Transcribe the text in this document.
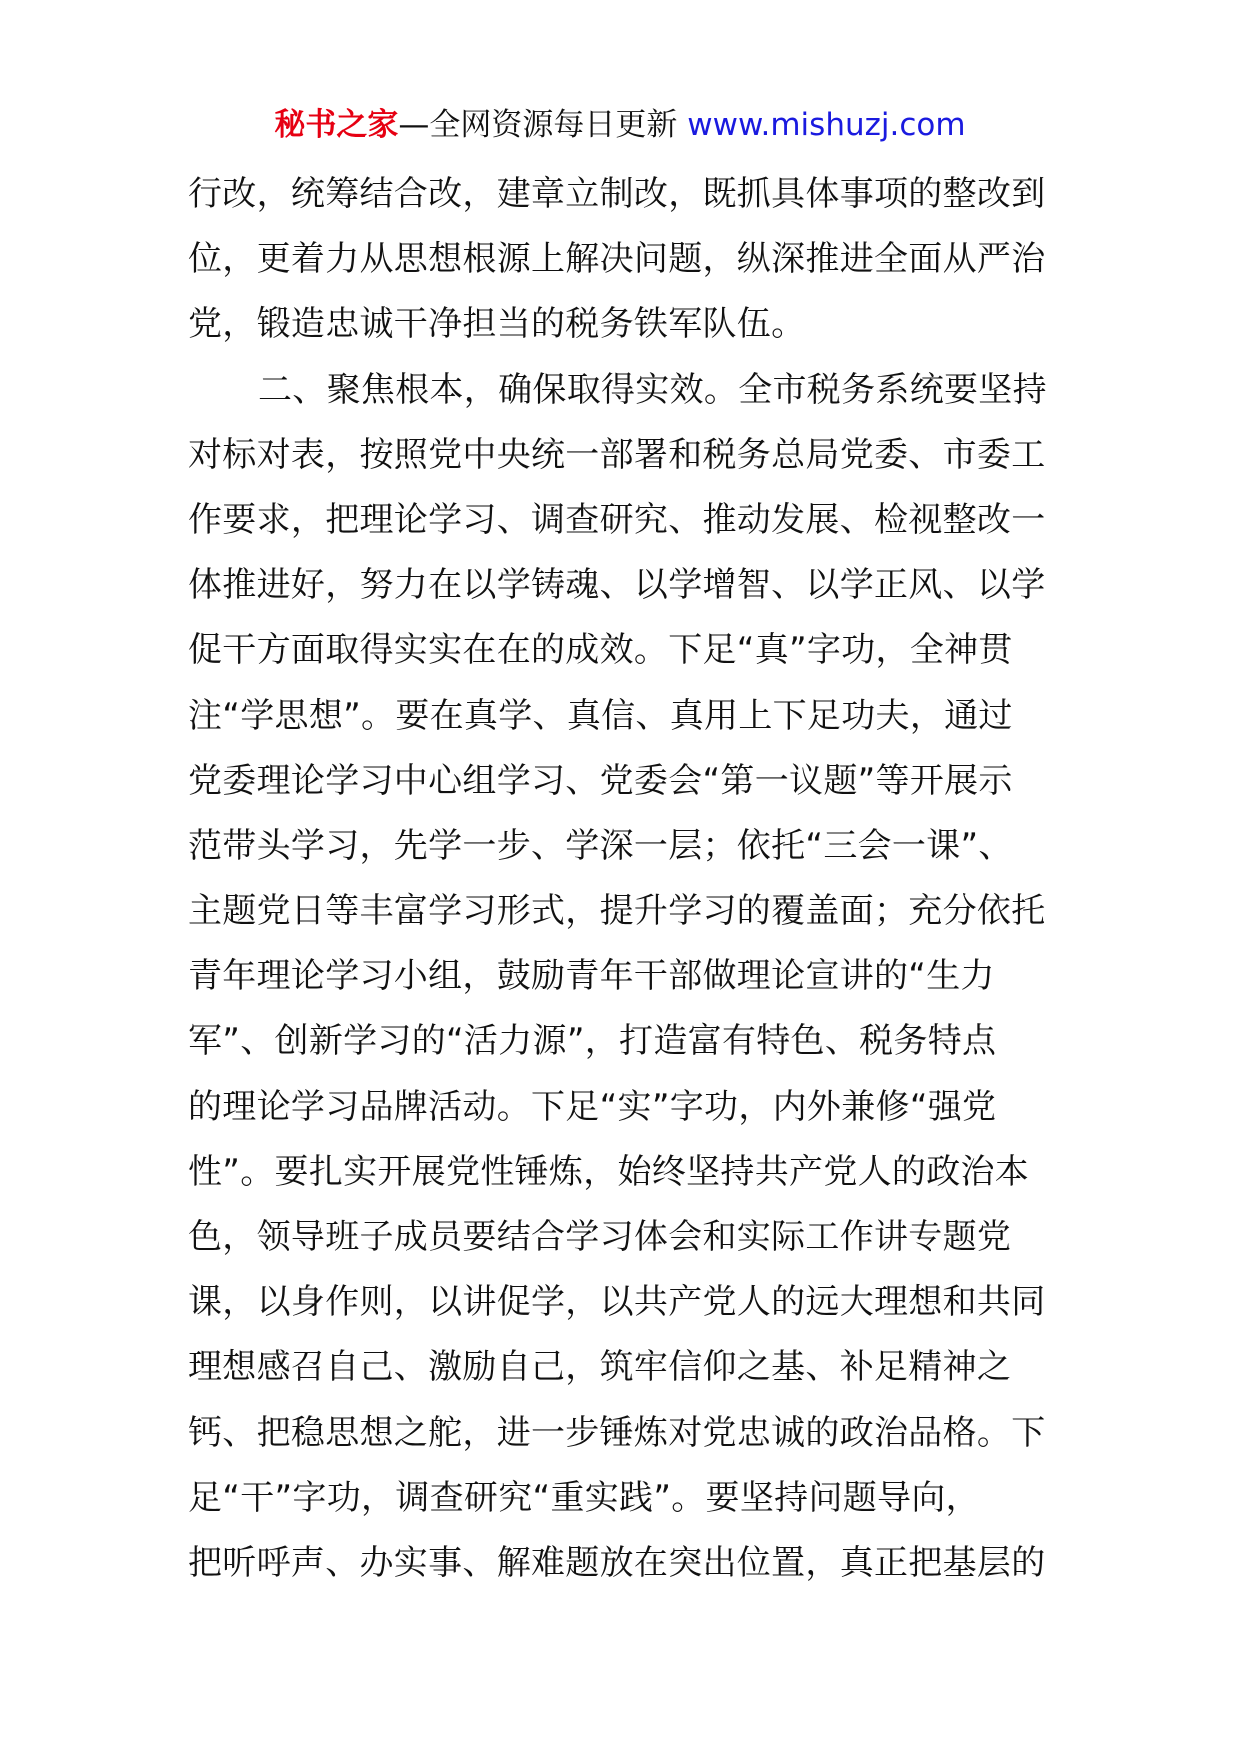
秘书之家—全网资源每日更新 www.mishuzj.com
行改，统筹结合改，建章立制改，既抓具体事项的整改到
位，更着力从思想根源上解决问题，纵深推进全面从严治
党，锻造忠诚干净担当的税务铁军队伍。
二、聚焦根本，确保取得实效。全市税务系统要坚持
对标对表，按照党中央统一部署和税务总局党委、市委工
作要求，把理论学习、调查研究、推动发展、检视整改一
体推进好，努力在以学铸魂、以学增智、以学正风、以学
促干方面取得实实在在的成效。下足“真”字功，全神贯
注“学思想”。要在真学、真信、真用上下足功夫，通过
党委理论学习中心组学习、党委会“第一议题”等开展示
范带头学习，先学一步、学深一层；依托“三会一课”、
主题党日等丰富学习形式，提升学习的覆盖面；充分依托
青年理论学习小组，鼓励青年干部做理论宣讲的“生力
军”、创新学习的“活力源”，打造富有特色、税务特点
的理论学习品牌活动。下足“实”字功，内外兼修“强党
性”。要扎实开展党性锤炼，始终坚持共产党人的政治本
色，领导班子成员要结合学习体会和实际工作讲专题党
课，以身作则，以讲促学，以共产党人的远大理想和共同
理想感召自己、激励自己，筑牢信仰之基、补足精神之
钙、把稳思想之舵，进一步锤炼对党忠诚的政治品格。下
足“干”字功，调查研究“重实践”。要坚持问题导向，
把听呼声、办实事、解难题放在突出位置，真正把基层的
